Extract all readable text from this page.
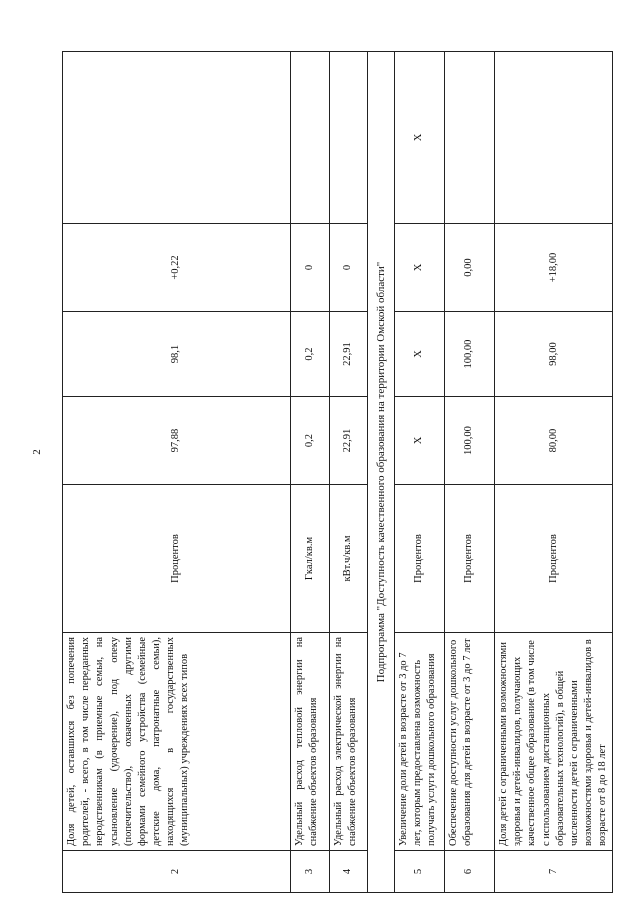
2
2	Доля детей, оставшихся без попечения родителей, - всего, в том числе переданных неродственникам (в приемные семьи, на усыновление (удочерение), под опеку (попечительство), охваченных другими формами семейного устройства (семейные детские дома, патронатные семьи), находящихся в государственных (муниципальных) учреждениях всех типов	Процентов	97,88	98,1	+0,22	
3	Удельный расход тепловой энергии на снабжение объектов образования	Гкал/кв.м	0,2	0,2	0	
4	Удельный расход электрической энергии на снабжение объектов образования	кВт.ч/кв.м	22,91	22,91	0	
Подпрограмма "Доступность качественного образования на территории Омской области"						
5	Увеличение доли детей в возрасте от 3 до 7 лет, которым предоставлена возможность получать услуги дошкольного образования	Процентов	Х	Х	Х	Х
6	Обеспечение доступности услуг дошкольного образования для детей в возрасте от 3 до 7 лет	Процентов	100,00	100,00	0,00	
7	Доля детей с ограниченными возможностями здоровья и детей-инвалидов, получающих качественное общее образование (в том числе с использованием дистанционных образовательных технологий), в общей численности детей с ограниченными возможностями здоровья и детей-инвалидов в возрасте от 8 до 18 лет	Процентов	80,00	98,00	+18,00	
